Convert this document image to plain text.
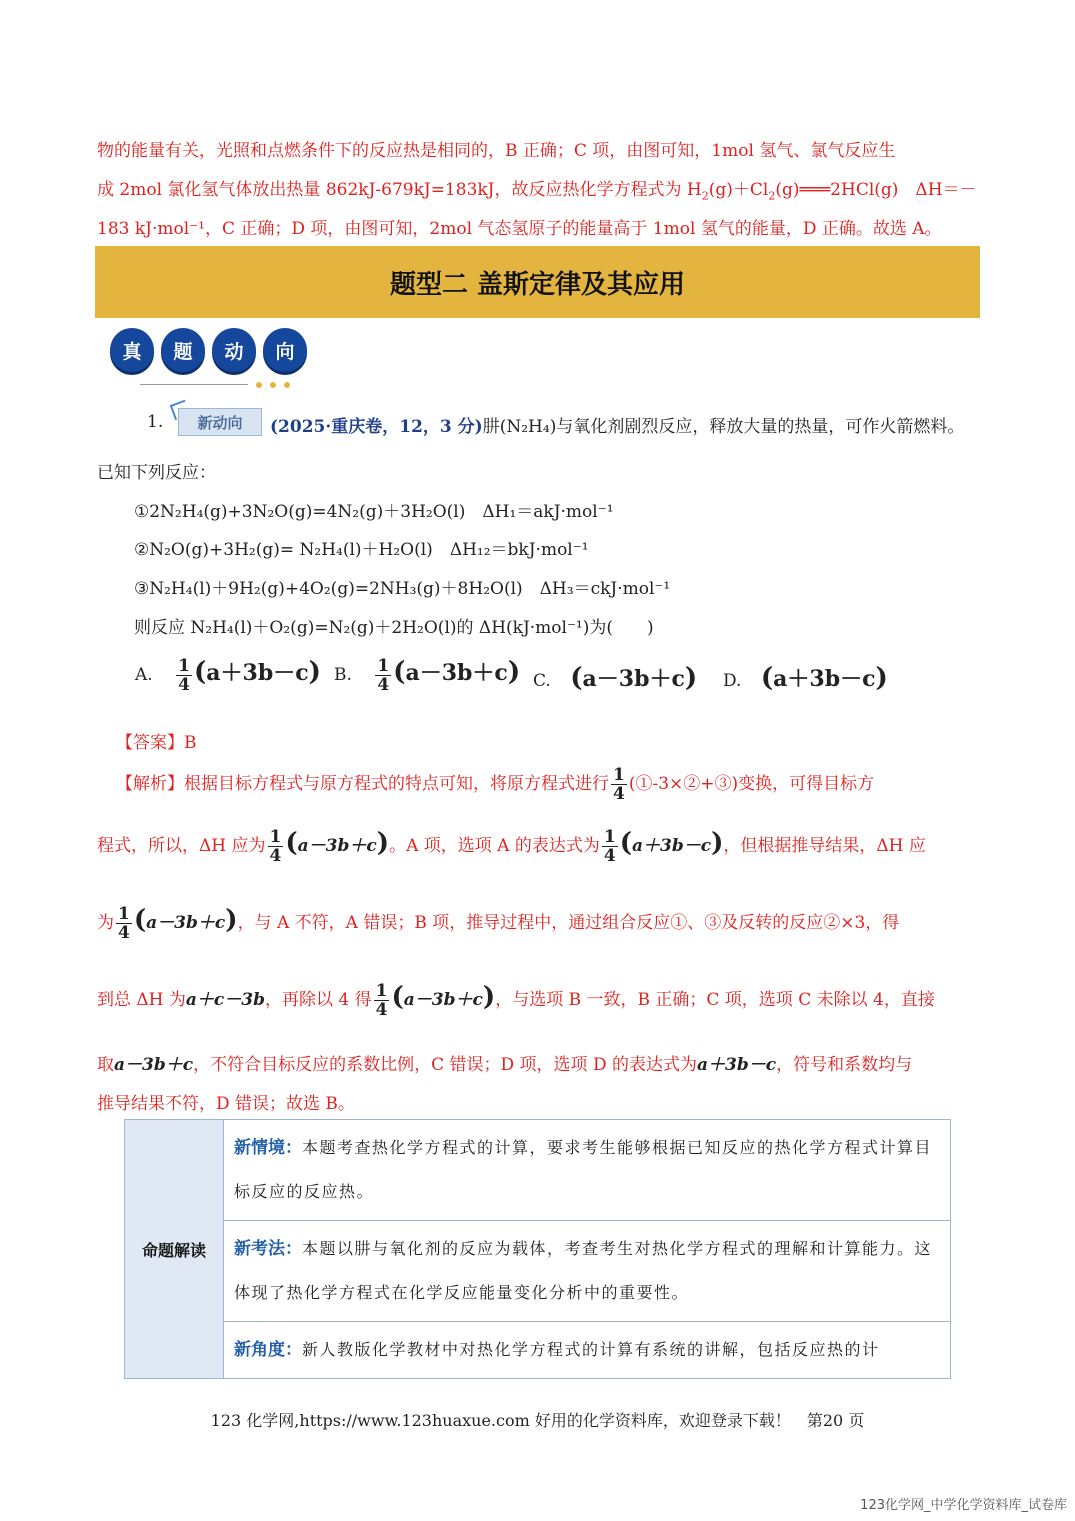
物的能量有关，光照和点燃条件下的反应热是相同的，B 正确；C 项，由图可知，1mol 氢气、氯气反应生
成 2mol 氯化氢气体放出热量 862kJ-679kJ=183kJ，故反应热化学方程式为 $H_2(g)+Cl_2(g)═══2HCl(g)$　ΔH＝－
183 kJ·mol⁻¹，C 正确；D 项，由图可知，2mol 气态氢原子的能量高于 1mol 氢气的能量，D 正确。故选 A。
题型二 盖斯定律及其应用
真	题	动	向
1.	新动向	(2025·重庆卷，12，3 分)肼(N₂H₄)与氧化剂剧烈反应，释放大量的热量，可作火箭燃料。
已知下列反应：
①2N₂H₄(g)+3N₂O(g)=4N₂(g)＋3H₂O(l)　ΔH₁＝akJ·mol⁻¹
②N₂O(g)+3H₂(g)= N₂H₄(l)＋H₂O(l)　ΔH₁₂＝bkJ·mol⁻¹
③N₂H₄(l)＋9H₂(g)+4O₂(g)=2NH₃(g)＋8H₂O(l)　ΔH₃＝ckJ·mol⁻¹
则反应 N₂H₄(l)＋O₂(g)=N₂(g)＋2H₂O(l)的 ΔH(kJ·mol⁻¹)为(　　)
A. $\frac{1}{4} (a+3b-c)$ B. $\frac{1}{4} (a-3b+c)$ C. (a－3b＋c) D. (a＋3b－c)
【答案】B
【解析】根据目标方程式与原方程式的特点可知，将原方程式进行 $\frac{1}{4}$ (①-3×②+③)变换，可得目标方
程式，所以，ΔH 应为 $\frac{1}{4} (a-3b+c)$。A 项，选项 A 的表达式为 $\frac{1}{4} (a+3b-c)$，但根据推导结果，ΔH 应
为 $\frac{1}{4} (a-3b+c)$，与 A 不符，A 错误；B 项，推导过程中，通过组合反应①、③及反转的反应②×3，得
到总 ΔH 为a＋c－3b，再除以 4 得 $\frac{1}{4} (a-3b+c)$，与选项 B 一致，B 正确；C 项，选项 C 未除以 4，直接
取a－3b＋c，不符合目标反应的系数比例，C 错误；D 项，选项 D 的表达式为a＋3b－c，符号和系数均与
推导结果不符，D 错误；故选 B。
命题解读	新情境：本题考查热化学方程式的计算，要求考生能够根据已知反应的热化学方程式计算目标反应的反应热。
新考法：本题以肼与氧化剂的反应为载体，考查考生对热化学方程式的理解和计算能力。这体现了热化学方程式在化学反应能量变化分析中的重要性。
新角度：新人教版化学教材中对热化学方程式的计算有系统的讲解，包括反应热的计
123 化学网,https://www.123huaxue.com 好用的化学资料库，欢迎登录下载！　第20 页
123化学网_中学化学资料库_试卷库
